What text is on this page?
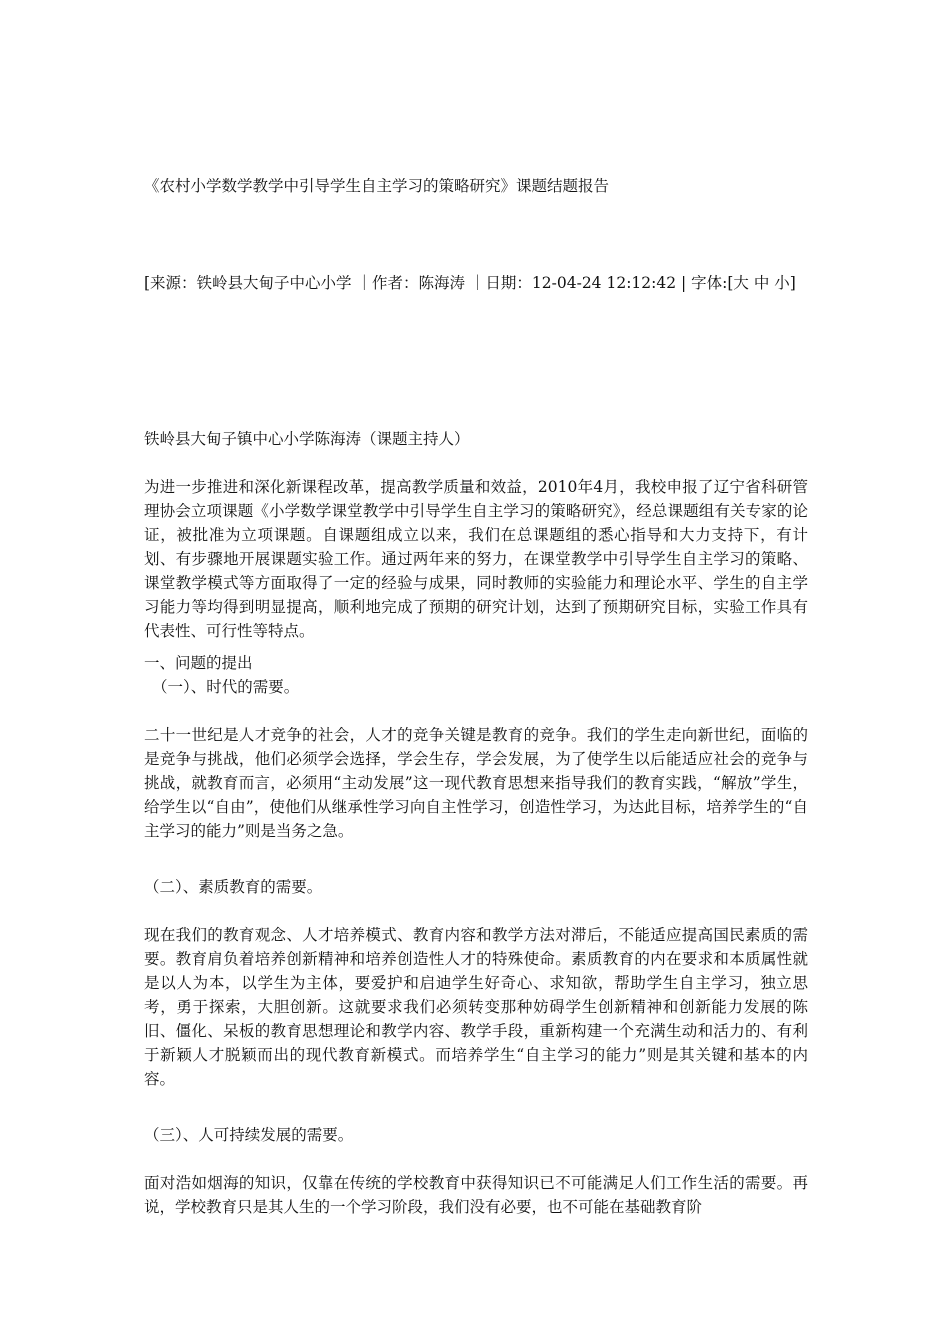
《农村小学数学教学中引导学生自主学习的策略研究》课题结题报告

[来源：铁岭县大甸子中心小学 ｜作者：陈海涛 ｜日期：12-04-24 12:12:42 | 字体:[大 中 小]

铁岭县大甸子镇中心小学陈海涛（课题主持人）

为进一步推进和深化新课程改革，提高教学质量和效益，2010年4月，我校申报了辽宁省科研管理协会立项课题《小学数学课堂教学中引导学生自主学习的策略研究》，经总课题组有关专家的论证，被批准为立项课题。自课题组成立以来，我们在总课题组的悉心指导和大力支持下，有计划、有步骤地开展课题实验工作。通过两年来的努力，在课堂教学中引导学生自主学习的策略、课堂教学模式等方面取得了一定的经验与成果，同时教师的实验能力和理论水平、学生的自主学习能力等均得到明显提高，顺利地完成了预期的研究计划，达到了预期研究目标，实验工作具有代表性、可行性等特点。

一、问题的提出

（一）、时代的需要。

二十一世纪是人才竞争的社会，人才的竞争关键是教育的竞争。我们的学生走向新世纪，面临的是竞争与挑战，他们必须学会选择，学会生存，学会发展，为了使学生以后能适应社会的竞争与挑战，就教育而言，必须用“主动发展”这一现代教育思想来指导我们的教育实践，“解放”学生，给学生以“自由”，使他们从继承性学习向自主性学习，创造性学习，为达此目标，培养学生的“自主学习的能力”则是当务之急。

（二）、素质教育的需要。

现在我们的教育观念、人才培养模式、教育内容和教学方法对滞后，不能适应提高国民素质的需要。教育肩负着培养创新精神和培养创造性人才的特殊使命。素质教育的内在要求和本质属性就是以人为本，以学生为主体，要爱护和启迪学生好奇心、求知欲，帮助学生自主学习，独立思考，勇于探索，大胆创新。这就要求我们必须转变那种妨碍学生创新精神和创新能力发展的陈旧、僵化、呆板的教育思想理论和教学内容、教学手段，重新构建一个充满生动和活力的、有利于新颖人才脱颖而出的现代教育新模式。而培养学生“自主学习的能力”则是其关键和基本的内容。

（三）、人可持续发展的需要。

面对浩如烟海的知识，仅靠在传统的学校教育中获得知识已不可能满足人们工作生活的需要。再说，学校教育只是其人生的一个学习阶段，我们没有必要，也不可能在基础教育阶
